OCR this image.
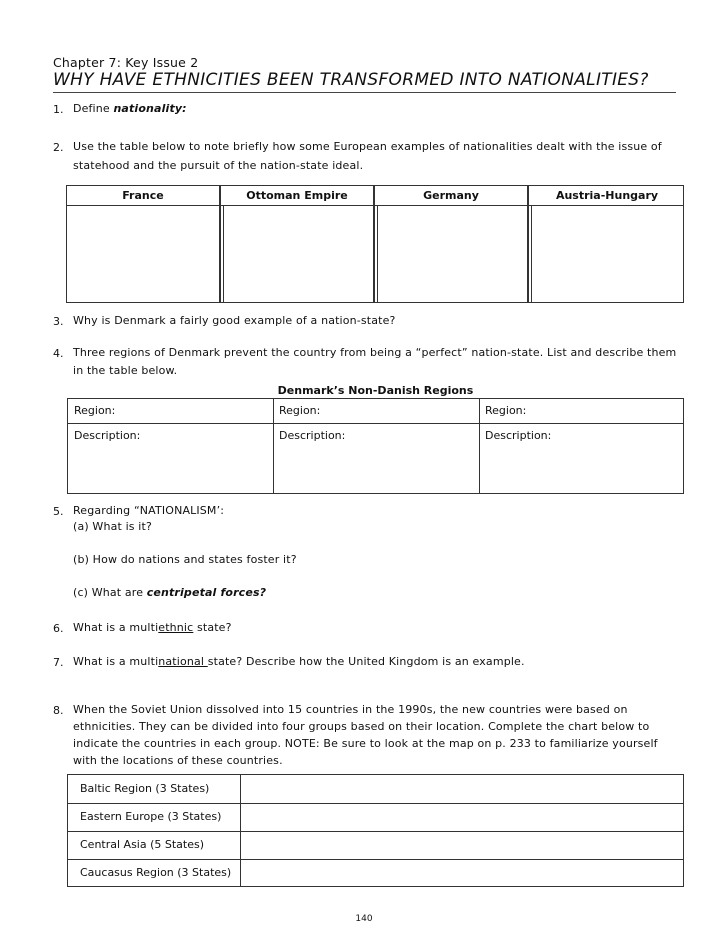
Chapter 7: Key Issue 2
WHY HAVE ETHNICITIES BEEN TRANSFORMED INTO NATIONALITIES?
1. Define nationality:
2. Use the table below to note briefly how some European examples of nationalities dealt with the issue of
statehood and the pursuit of the nation-state ideal.
France	Ottoman Empire	Germany	Austria-Hungary
3. Why is Denmark a fairly good example of a nation-state?
4. Three regions of Denmark prevent the country from being a “perfect” nation-state. List and describe them
in the table below.
Denmark’s Non-Danish Regions
Region:	Region:	Region:
Description:	Description:	Description:
5. Regarding “NATIONALISM’:
(a) What is it?
(b) How do nations and states foster it?
(c) What are centripetal forces?
6. What is a multiethnic state?
7. What is a multinational state? Describe how the United Kingdom is an example.
8. When the Soviet Union dissolved into 15 countries in the 1990s, the new countries were based on
ethnicities. They can be divided into four groups based on their location. Complete the chart below to
indicate the countries in each group. NOTE: Be sure to look at the map on p. 233 to familiarize yourself
with the locations of these countries.
Baltic Region (3 States)
Eastern Europe (3 States)
Central Asia (5 States)
Caucasus Region (3 States)
140
